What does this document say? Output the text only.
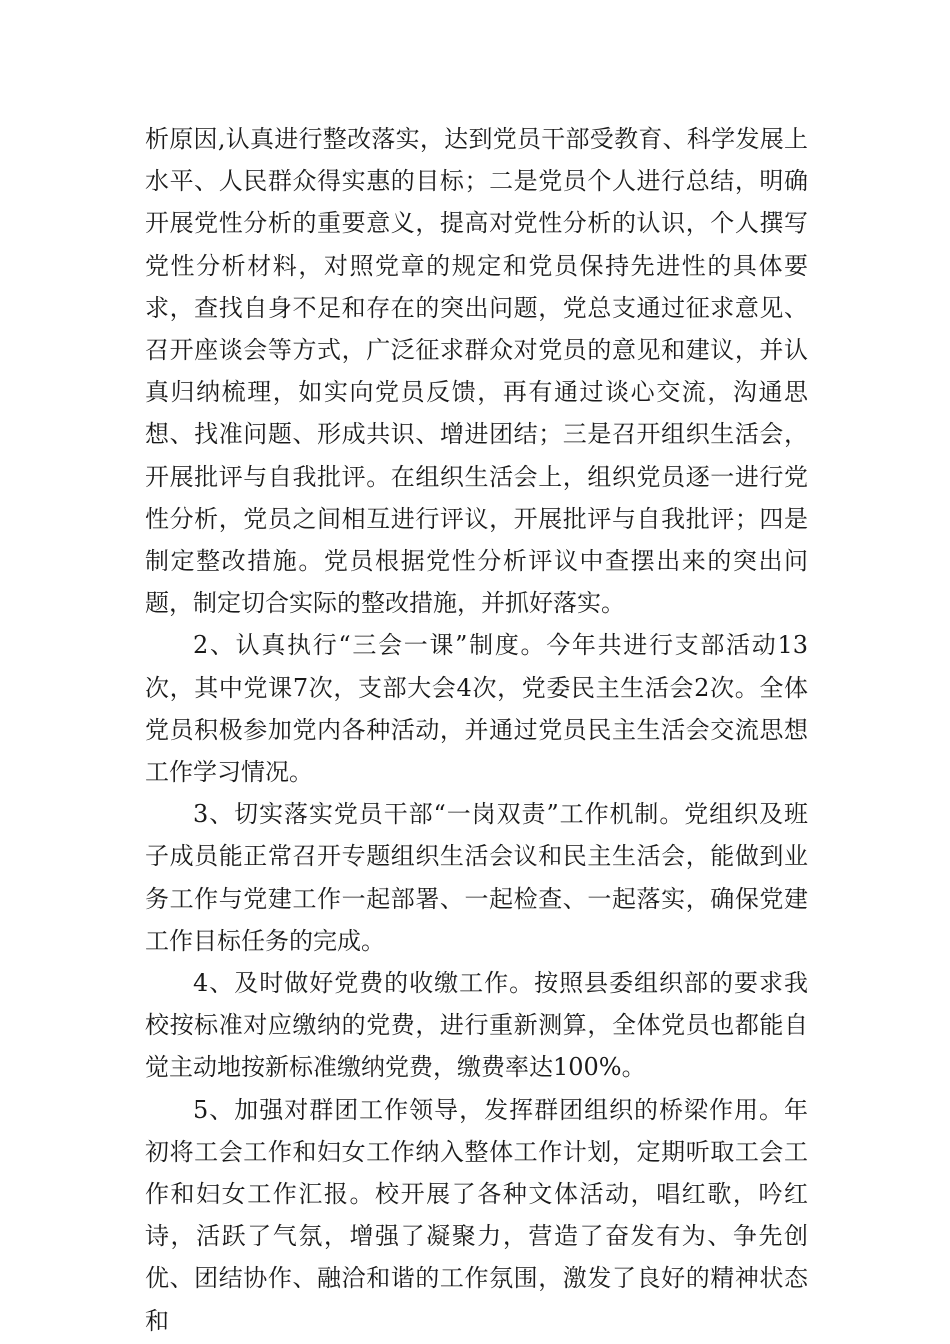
析原因,认真进行整改落实，达到党员干部受教育、科学发展上水平、人民群众得实惠的目标；二是党员个人进行总结，明确开展党性分析的重要意义，提高对党性分析的认识，个人撰写党性分析材料，对照党章的规定和党员保持先进性的具体要求，查找自身不足和存在的突出问题，党总支通过征求意见、召开座谈会等方式，广泛征求群众对党员的意见和建议，并认真归纳梳理，如实向党员反馈，再有通过谈心交流，沟通思想、找准问题、形成共识、增进团结；三是召开组织生活会，开展批评与自我批评。在组织生活会上，组织党员逐一进行党性分析，党员之间相互进行评议，开展批评与自我批评；四是制定整改措施。党员根据党性分析评议中查摆出来的突出问题，制定切合实际的整改措施，并抓好落实。

2、认真执行“三会一课”制度。今年共进行支部活动13次，其中党课7次，支部大会4次，党委民主生活会2次。全体党员积极参加党内各种活动，并通过党员民主生活会交流思想工作学习情况。

3、切实落实党员干部“一岗双责”工作机制。党组织及班子成员能正常召开专题组织生活会议和民主生活会，能做到业务工作与党建工作一起部署、一起检查、一起落实，确保党建工作目标任务的完成。

4、及时做好党费的收缴工作。按照县委组织部的要求我校按标准对应缴纳的党费，进行重新测算，全体党员也都能自觉主动地按新标准缴纳党费，缴费率达100%。

5、加强对群团工作领导，发挥群团组织的桥梁作用。年初将工会工作和妇女工作纳入整体工作计划，定期听取工会工作和妇女工作汇报。校开展了各种文体活动，唱红歌，吟红诗，活跃了气氛，增强了凝聚力，营造了奋发有为、争先创优、团结协作、融洽和谐的工作氛围，激发了良好的精神状态和
